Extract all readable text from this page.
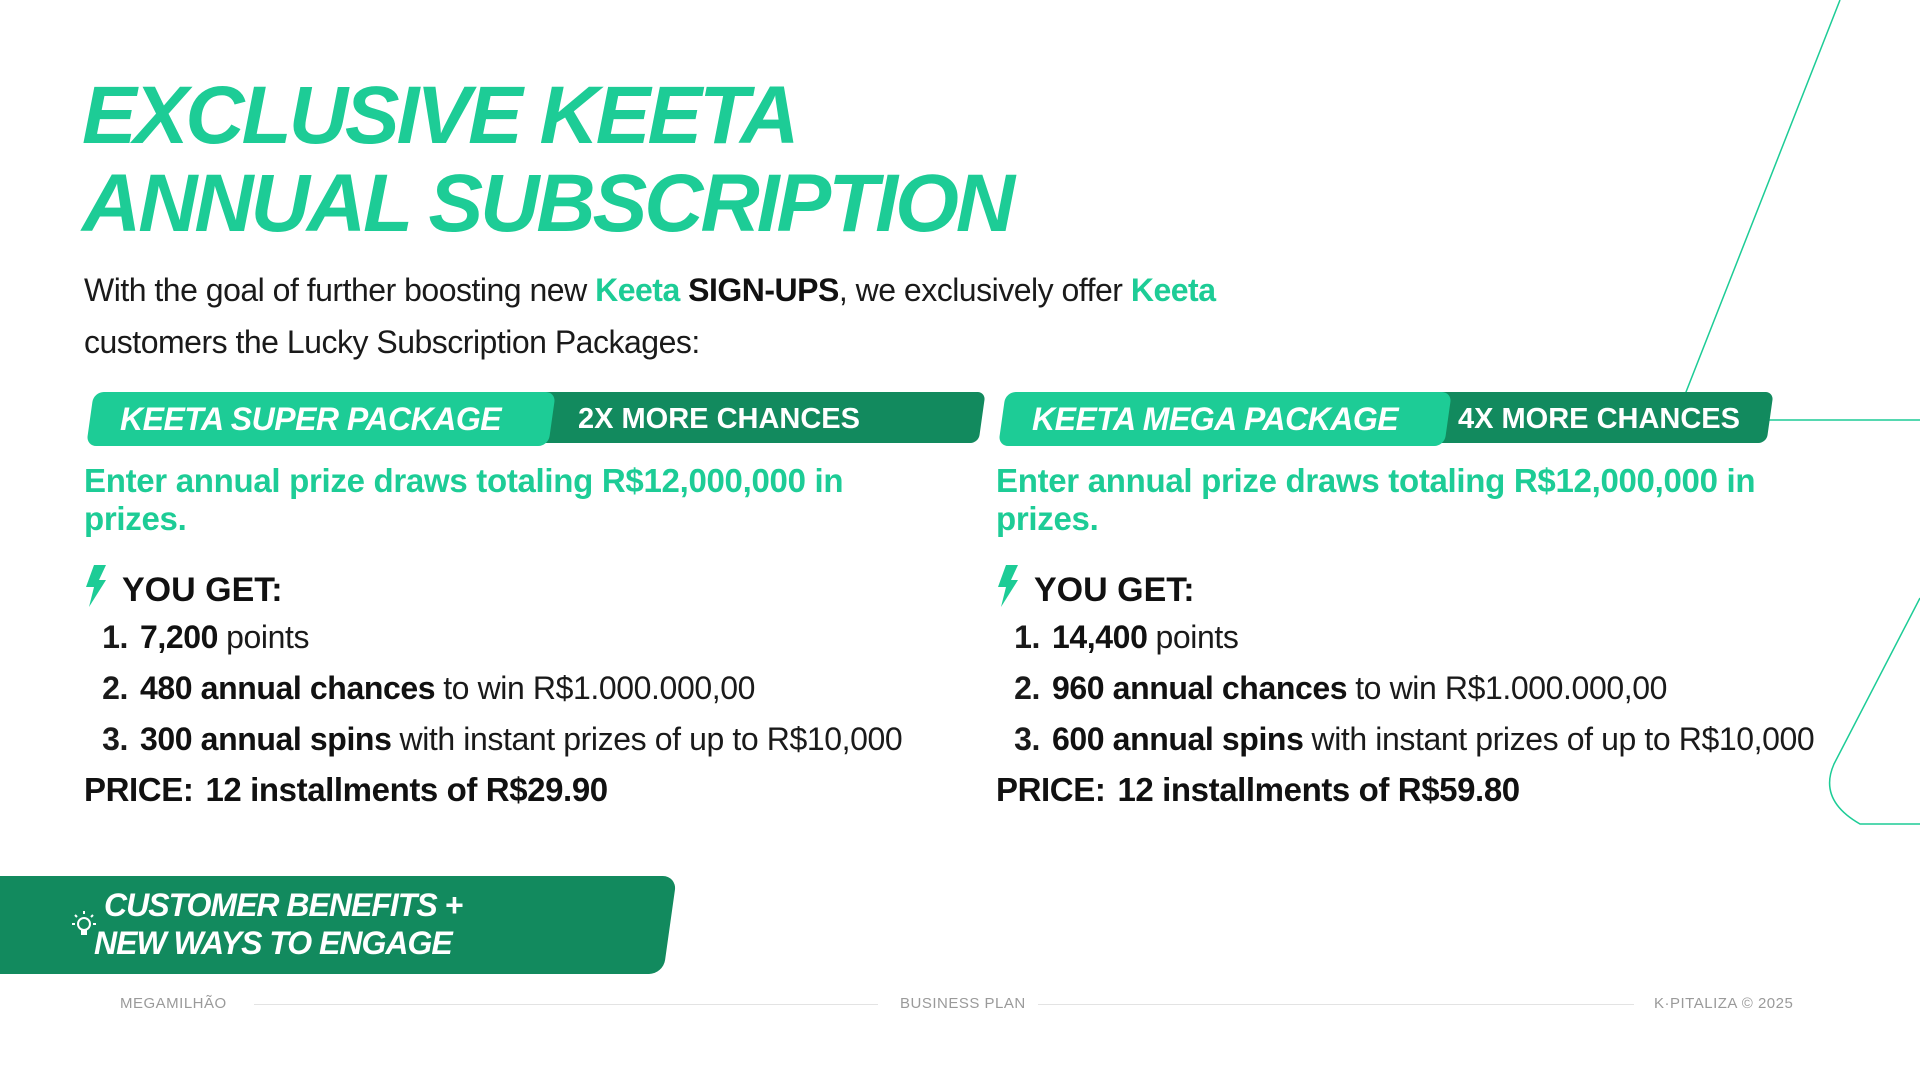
EXCLUSIVE KEETA
ANNUAL SUBSCRIPTION
With the goal of further boosting new Keeta SIGN-UPS, we exclusively offer Keeta
customers the Lucky Subscription Packages:
KEETA SUPER PACKAGE	2X MORE CHANCES
Enter annual prize draws totaling R$12,000,000 in prizes.
YOU GET:
1. 7,200 points
2. 480 annual chances to win R$1.000.000,00
3. 300 annual spins with instant prizes of up to R$10,000
PRICE: 12 installments of R$29.90
KEETA MEGA PACKAGE 4X MORE CHANCES
Enter annual prize draws totaling R$12,000,000 in prizes.
YOU GET:
1. 14,400 points
2. 960 annual chances to win R$1.000.000,00
3. 600 annual spins with instant prizes of up to R$10,000
PRICE: 12 installments of R$59.80
CUSTOMER BENEFITS +
NEW WAYS TO ENGAGE
MEGAMILHÃO	BUSINESS PLAN	K·PITALIZA © 2025
